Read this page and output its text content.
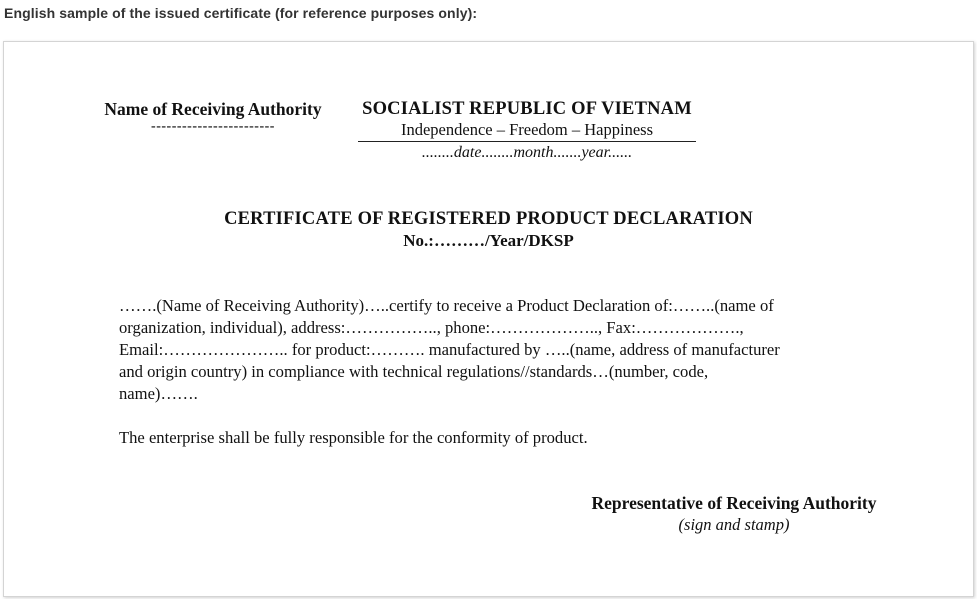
English sample of the issued certificate (for reference purposes only):
Name of Receiving Authority
------------------------
SOCIALIST REPUBLIC OF VIETNAM
Independence – Freedom – Happiness
........date........month.......year......
CERTIFICATE OF REGISTERED PRODUCT DECLARATION
No.:………/Year/DKSP
…….(Name of Receiving Authority)…..certify to receive a Product Declaration of:……..(name of
organization, individual), address:…………….., phone:……………….., Fax:……………….,
Email:………………….. for product:………. manufactured by …..(name, address of manufacturer
and origin country) in compliance with technical regulations//standards…(number, code,
name)…….
The enterprise shall be fully responsible for the conformity of product.
Representative of Receiving Authority
(sign and stamp)
